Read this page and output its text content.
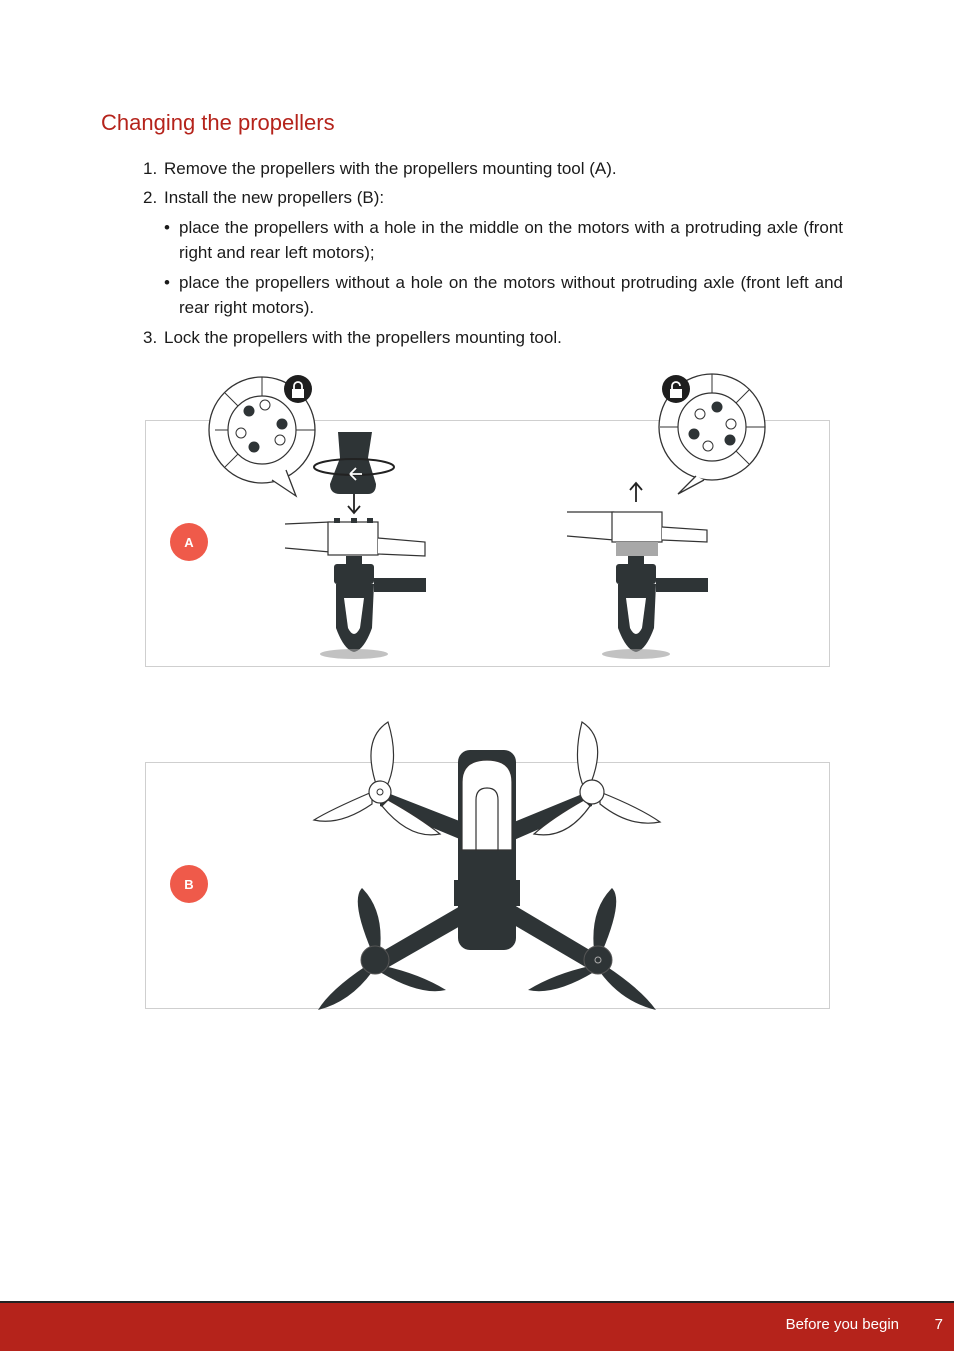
Changing the propellers

1. Remove the propellers with the propellers mounting tool (A).

2. Install the new propellers (B):

• place the propellers with a hole in the middle on the motors with a protruding axle (front right and rear left motors);
• place the propellers without a hole on the motors without protruding axle (front left and rear right motors).

3. Lock the propellers with the propellers mounting tool.

A
B
Before you begin 7
